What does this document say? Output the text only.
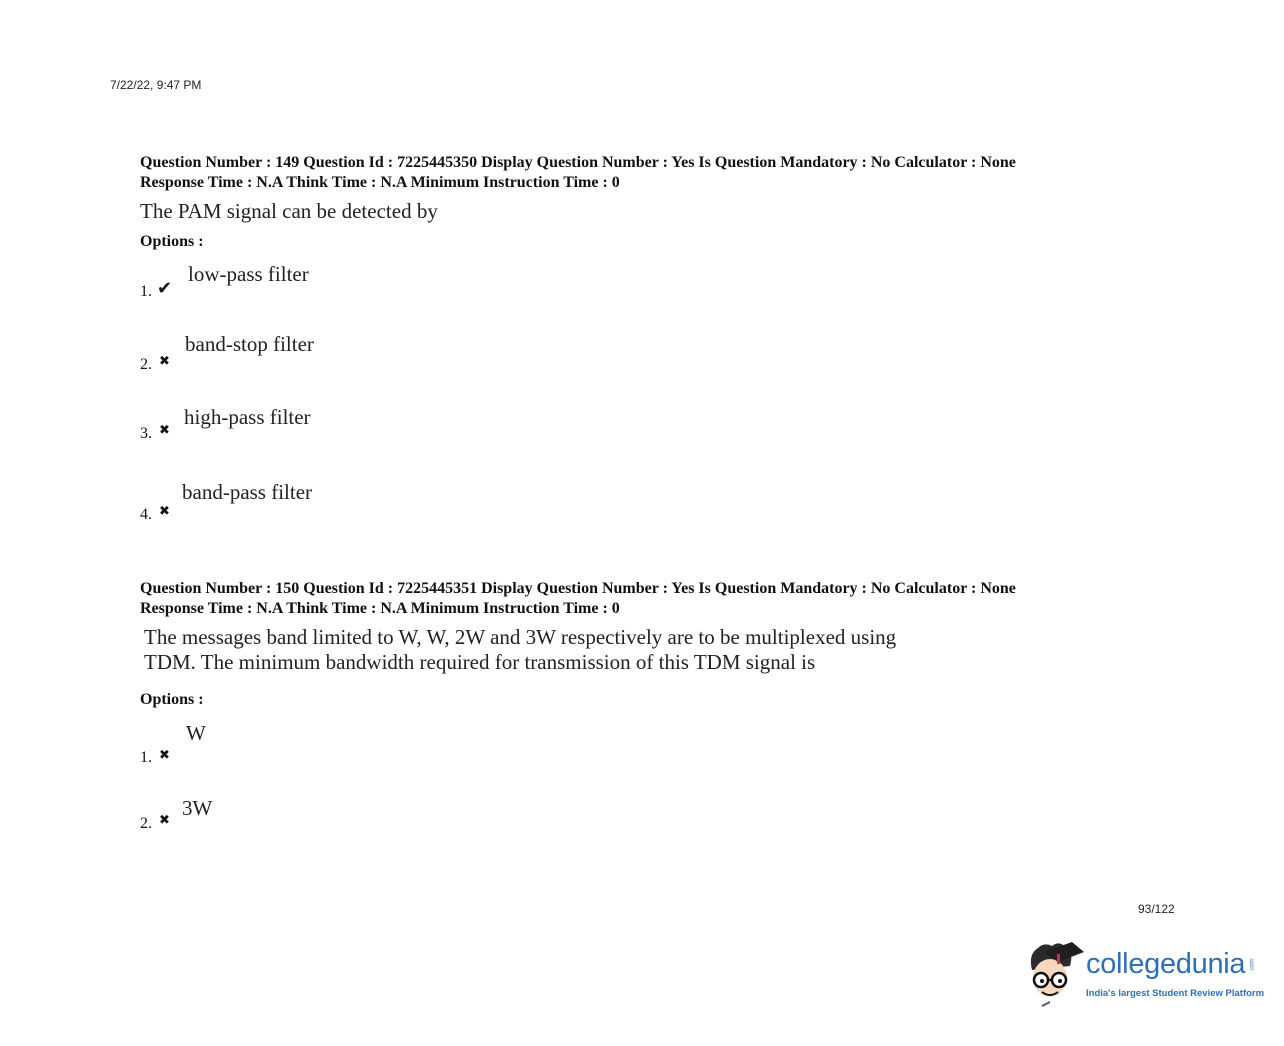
7/22/22, 9:47 PM
Question Number : 149 Question Id : 7225445350 Display Question Number : Yes Is Question Mandatory : No Calculator : None
Response Time : N.A Think Time : N.A Minimum Instruction Time : 0
The PAM signal can be detected by
Options :
1. ✔
low-pass filter
2. ✖
band-stop filter
3. ✖
high-pass filter
4. ✖
band-pass filter
Question Number : 150 Question Id : 7225445351 Display Question Number : Yes Is Question Mandatory : No Calculator : None
Response Time : N.A Think Time : N.A Minimum Instruction Time : 0
The messages band limited to W, W, 2W and 3W respectively are to be multiplexed using
TDM. The minimum bandwidth required for transmission of this TDM signal is
Options :
1. ✖
W
2. ✖ 3W
93/122
collegedunia .com
India's largest Student Review Platform
